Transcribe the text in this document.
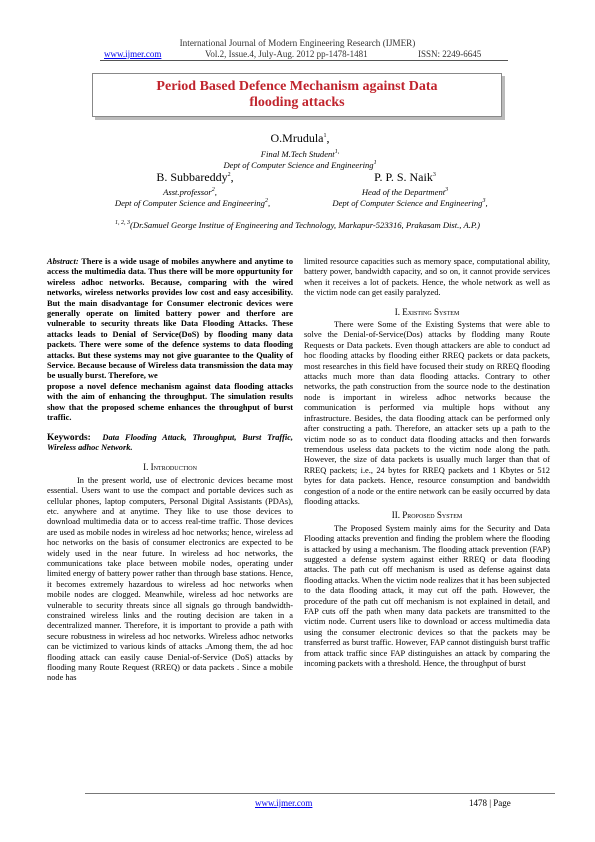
International Journal of Modern Engineering Research (IJMER)
www.ijmer.com	Vol.2, Issue.4, July-Aug. 2012 pp-1478-1481	ISSN: 2249-6645
Period Based Defence Mechanism against Data flooding attacks
O.Mrudula$^1$,
Final M.Tech Student$^{1,}$
Dept of Computer Science and Engineering$^1$
B. Subbareddy$^2$,	P. P. S. Naik$^3$
Asst.professor$^2$,	Head of the Department$^3$
Dept of Computer Science and Engineering$^2$,	Dept of Computer Science and Engineering$^3$,
$^{1, 2, 3}$(Dr.Samuel George Institue of Engineering and Technology, Markapur-523316, Prakasam Dist., A.P.)

Abstract: There is a wide usage of mobiles anywhere and anytime to access the multimedia data. Thus there will be more oppurtunity for wireless adhoc networks. Because, comparing with the wired networks, wireless networks provides low cost and easy accesibility. But the main disadvantage for Consumer electronic devices were generally operate on limited battery power and therfore are vulnerable to security threats like Data Flooding Attacks. These attacks leads to Denial of Service(DoS) by flooding many data packets. There were some of the defence systems to data flooding attacks. But these systems may not give guarantee to the Quality of Service. Because because of Wireless data transmission the data may be usually burst. Therefore, we

propose a novel defence mechanism against data flooding attacks with the aim of enhancing the throughput. The simulation results show that the proposed scheme enhances the throughput of burst traffic.

Keywords: Data Flooding Attack, Throughput, Burst Traffic, Wireless adhoc Network.

I. Introduction

In the present world, use of electronic devices became most essential. Users want to use the compact and portable devices such as cellular phones, laptop computers, Personal Digital Assistants (PDAs), etc. anywhere and at anytime. They like to use those devices to download multimedia data or to access real-time traffic. Those devices are used as mobile nodes in wireless ad hoc networks; hence, wireless ad hoc networks on the basis of consumer electronics are expected to be widely used in the near future. In wireless ad hoc networks, the communications take place between mobile nodes, operating under limited energy of battery power rather than through base stations. Hence, it becomes extremely hazardous to wireless ad hoc networks when mobile nodes are clogged. Meanwhile, wireless ad hoc networks are vulnerable to security threats since all signals go through bandwidth- constrained wireless links and the routing decision are taken in a decentralized manner. Therefore, it is important to provide a path with secure robustness in wireless ad hoc networks. Wireless adhoc networks can be victimized to various kinds of attacks .Among them, the ad hoc flooding attack can easily cause Denial-of-Service (DoS) attacks by flooding many Route Request (RREQ) or data packets . Since a mobile node has

limited resource capacities such as memory space, computational ability, battery power, bandwidth capacity, and so on, it cannot provide services when it receives a lot of packets. Hence, the whole network as well as the victim node can get easily paralyzed.

I. Existing System

There were Some of the Existing Systems that were able to solve the Denial-of-Service(Dos) attacks by flodding many Route Requests or Data packets. Even though attackers are able to conduct ad hoc flooding attacks by flooding either RREQ packets or data packets, most researches in this field have focused their study on RREQ flooding attacks much more than data flooding attacks. Contrary to other networks, the path construction from the source node to the destination node is important in wireless adhoc networks because the communication is performed via multiple hops without any infrastructure. Besides, the data flooding attack can be performed only after constructing a path. Therefore, an attacker sets up a path to the victim node so as to conduct data flooding attacks and then forwards tremendous useless data packets to the victim node along the path. However, the size of data packets is usually much larger than that of RREQ packets; i.e., 24 bytes for RREQ packets and 1 Kbytes or 512 bytes for data packets. Hence, resource consumption and bandwidth congestion of a node or the entire network can be easily occurred by data flooding attacks.

II. Proposed System

The Proposed System mainly aims for the Security and Data Flooding attacks prevention and finding the problem where the flooding is attacked by using a mechanism. The flooding attack prevention (FAP) suggested a defense system against either RREQ or data flooding attacks. The path cut off mechanism is used as defense against data flooding attacks. When the victim node realizes that it has been subjected to the data flooding attack, it may cut off the path. However, the procedure of the path cut off mechanism is not explained in detail, and FAP cuts off the path when many data packets are transmitted to the victim node. Current users like to download or access multimedia data using the consumer electronic devices so that the packets may be transferred as burst traffic. However, FAP cannot distinguish burst traffic from attack traffic since FAP distinguishes an attack by comparing the incoming packets with a threshold. Hence, the throughput of burst

www.ijmer.com	1478 | Page
